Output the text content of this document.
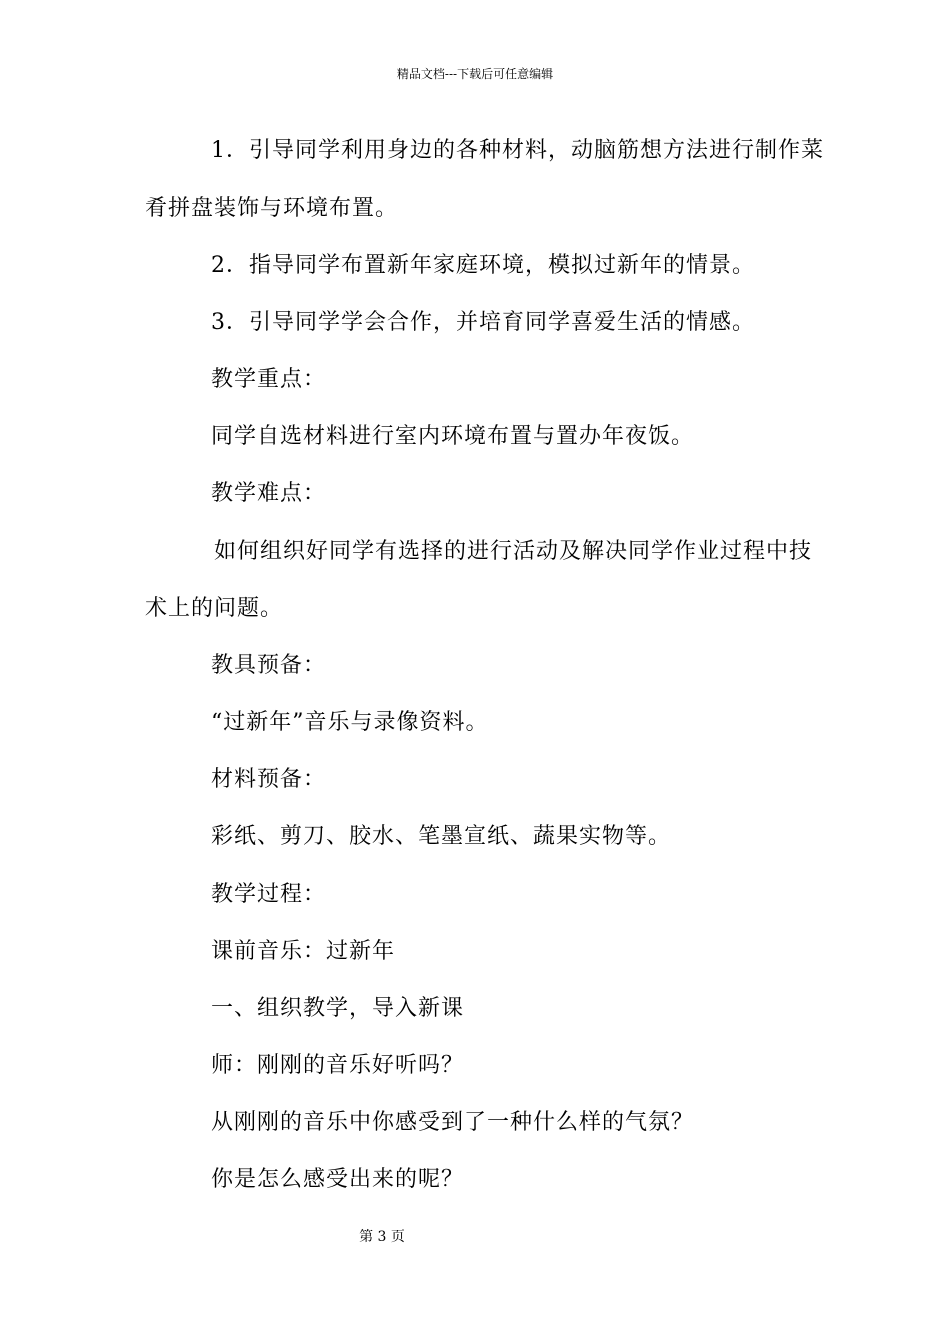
精品文档---下载后可任意编辑
1．引导同学利用身边的各种材料，动脑筋想方法进行制作菜
肴拼盘装饰与环境布置。
2．指导同学布置新年家庭环境，模拟过新年的情景。
3．引导同学学会合作，并培育同学喜爱生活的情感。
教学重点：
同学自选材料进行室内环境布置与置办年夜饭。
教学难点：
如何组织好同学有选择的进行活动及解决同学作业过程中技
术上的问题。
教具预备：
“过新年”音乐与录像资料。
材料预备：
彩纸、剪刀、胶水、笔墨宣纸、蔬果实物等。
教学过程：
课前音乐：过新年
一、组织教学，导入新课
师：刚刚的音乐好听吗？
从刚刚的音乐中你感受到了一种什么样的气氛？
你是怎么感受出来的呢？
第 3 页
